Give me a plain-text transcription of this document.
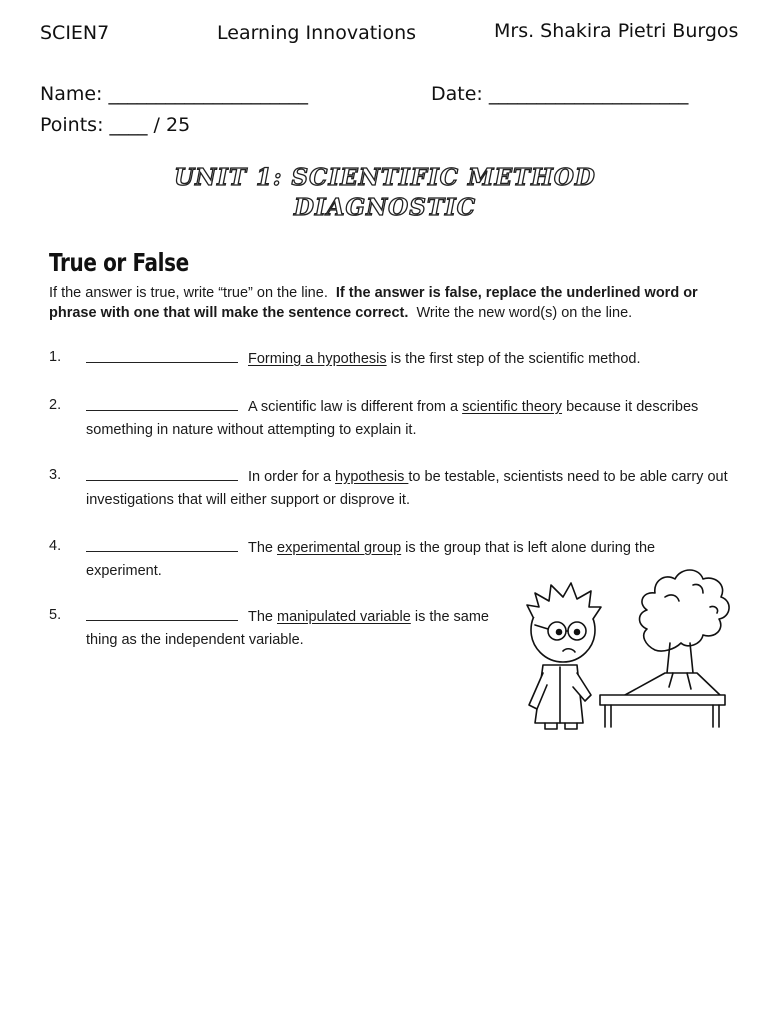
SCIEN7	Learning Innovations	Mrs. Shakira Pietri Burgos
Name: _____________________	Date: _____________________
Points: ____ / 25
UNIT 1: SCIENTIFIC METHOD
DIAGNOSTIC
True or False
If the answer is true, write “true” on the line. If the answer is false, replace the underlined word or phrase with one that will make the sentence correct. Write the new word(s) on the line.
1.	Forming a hypothesis is the first step of the scientific method.
2.	A scientific law is different from a scientific theory because it describes something in nature without attempting to explain it.
3.	In order for a hypothesis to be testable, scientists need to be able carry out investigations that will either support or disprove it.
4.	The experimental group is the group that is left alone during the experiment.
5.	The manipulated variable is the same thing as the independent variable.
